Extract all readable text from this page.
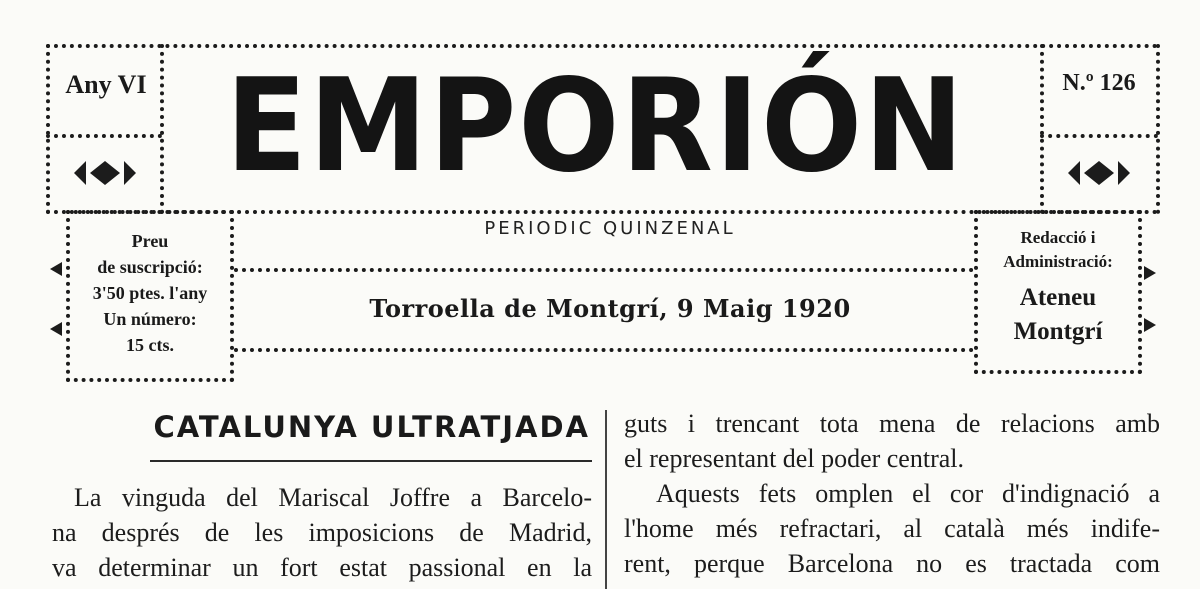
Any VI	N.º 126
EMPORIÓN
PERIODIC QUINZENAL
Preu
de suscripció:
3'50 ptes. l'any
Un número:
15 cts.
Redacció i
Administració:
Ateneu
Montgrí
Torroella de Montgrí, 9 Maig 1920
CATALUNYA ULTRATJADA
La vinguda del Mariscal Joffre a Barcelo-
na després de les imposicions de Madrid,
va determinar un fort estat passional en la
guts i trencant tota mena de relacions amb
el representant del poder central.
Aquests fets omplen el cor d'indignació a
l'home més refractari, al català més indife-
rent, perque Barcelona no es tractada com
